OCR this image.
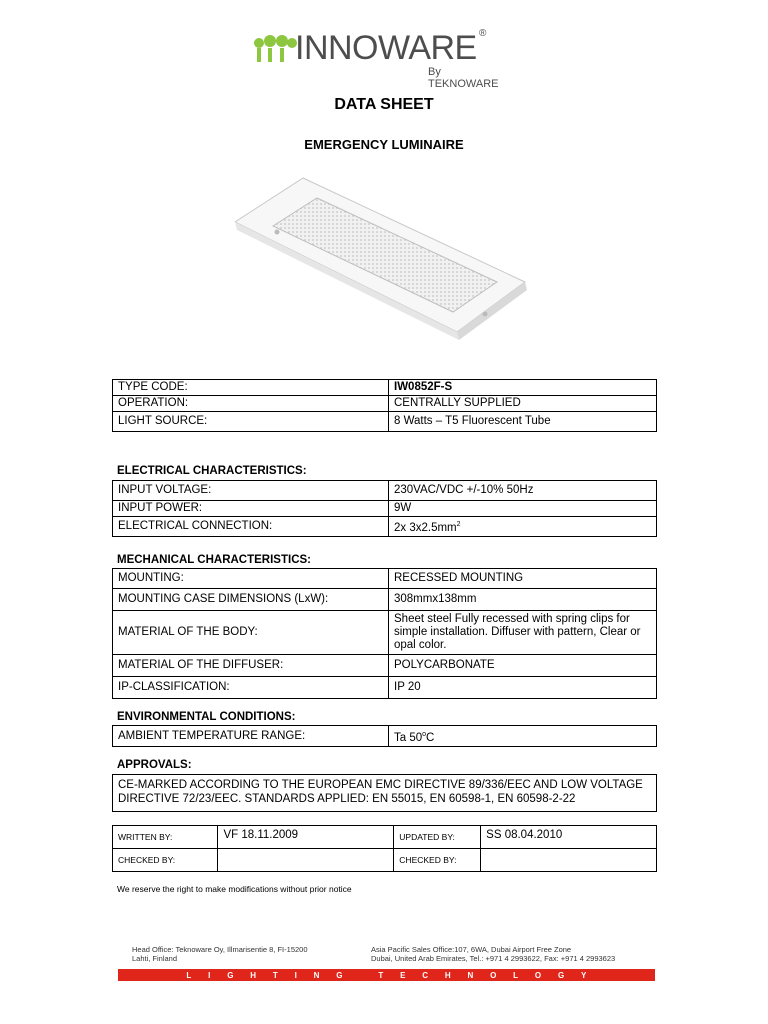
INNOWARE ®
By TEKNOWARE
DATA SHEET
EMERGENCY LUMINAIRE
TYPE CODE:	IW0852F-S
OPERATION:	CENTRALLY SUPPLIED
LIGHT SOURCE:	8 Watts – T5 Fluorescent Tube
ELECTRICAL CHARACTERISTICS:
INPUT VOLTAGE:	230VAC/VDC +/-10% 50Hz
INPUT POWER:	9W
ELECTRICAL CONNECTION:	2x $3x2.5mm^2$
MECHANICAL CHARACTERISTICS:
MOUNTING:	RECESSED MOUNTING
MOUNTING CASE DIMENSIONS (LxW):	308mmx138mm
MATERIAL OF THE BODY:	Sheet steel Fully recessed with spring clips for simple installation. Diffuser with pattern, Clear or opal color.
MATERIAL OF THE DIFFUSER:	POLYCARBONATE
IP-CLASSIFICATION:	IP 20
ENVIRONMENTAL CONDITIONS:
AMBIENT TEMPERATURE RANGE:	Ta 50$^o$C
APPROVALS:
CE-MARKED ACCORDING TO THE EUROPEAN EMC DIRECTIVE 89/336/EEC AND LOW VOLTAGE DIRECTIVE 72/23/EEC. STANDARDS APPLIED: EN 55015, EN 60598-1, EN 60598-2-22
WRITTEN BY:	VF 18.11.2009	UPDATED BY:	SS 08.04.2010
CHECKED BY:		CHECKED BY:	
We reserve the right to make modifications without prior notice
Head Office: Teknoware Oy, Illmarisentie 8, FI-15200
Lahti, Finland
Asia Pacific Sales Office:107, 6WA, Dubai Airport Free Zone
Dubai, United Arab Emirates, Tel.: +971 4 2993622, Fax: +971 4 2993623
L I G H T I N G
	T E C H N O L O G Y
